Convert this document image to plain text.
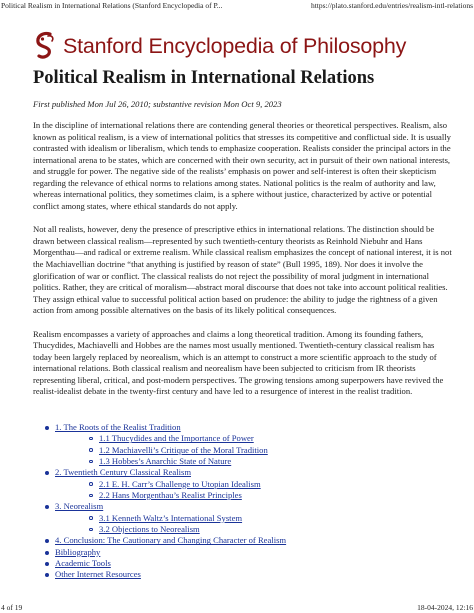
Political Realism in International Relations (Stanford Encyclopedia of P...	https://plato.stanford.edu/entries/realism-intl-relations
Stanford Encyclopedia of Philosophy
Political Realism in International Relations
First published Mon Jul 26, 2010; substantive revision Mon Oct 9, 2023

In the discipline of international relations there are contending general theories or theoretical perspectives. Realism, also known as political realism, is a view of international politics that stresses its competitive and conflictual side. It is usually contrasted with idealism or liberalism, which tends to emphasize cooperation. Realists consider the principal actors in the international arena to be states, which are concerned with their own security, act in pursuit of their own national interests, and struggle for power. The negative side of the realists’ emphasis on power and self-interest is often their skepticism regarding the relevance of ethical norms to relations among states. National politics is the realm of authority and law, whereas international politics, they sometimes claim, is a sphere without justice, characterized by active or potential conflict among states, where ethical standards do not apply.

Not all realists, however, deny the presence of prescriptive ethics in international relations. The distinction should be drawn between classical realism—represented by such twentieth-century theorists as Reinhold Niebuhr and Hans Morgenthau—and radical or extreme realism. While classical realism emphasizes the concept of national interest, it is not the Machiavellian doctrine “that anything is justified by reason of state” (Bull 1995, 189). Nor does it involve the glorification of war or conflict. The classical realists do not reject the possibility of moral judgment in international politics. Rather, they are critical of moralism—abstract moral discourse that does not take into account political realities. They assign ethical value to successful political action based on prudence: the ability to judge the rightness of a given action from among possible alternatives on the basis of its likely political consequences.

Realism encompasses a variety of approaches and claims a long theoretical tradition. Among its founding fathers, Thucydides, Machiavelli and Hobbes are the names most usually mentioned. Twentieth-century classical realism has today been largely replaced by neorealism, which is an attempt to construct a more scientific approach to the study of international relations. Both classical realism and neorealism have been subjected to criticism from IR theorists representing liberal, critical, and post-modern perspectives. The growing tensions among superpowers have revived the realist-idealist debate in the twenty-first century and have led to a resurgence of interest in the realist tradition.

1. The Roots of the Realist Tradition
1.1 Thucydides and the Importance of Power
1.2 Machiavelli’s Critique of the Moral Tradition
1.3 Hobbes’s Anarchic State of Nature
2. Twentieth Century Classical Realism
2.1 E. H. Carr’s Challenge to Utopian Idealism
2.2 Hans Morgenthau’s Realist Principles
3. Neorealism
3.1 Kenneth Waltz’s International System
3.2 Objections to Neorealism
4. Conclusion: The Cautionary and Changing Character of Realism
Bibliography
Academic Tools
Other Internet Resources
4 of 19	18-04-2024, 12:16
